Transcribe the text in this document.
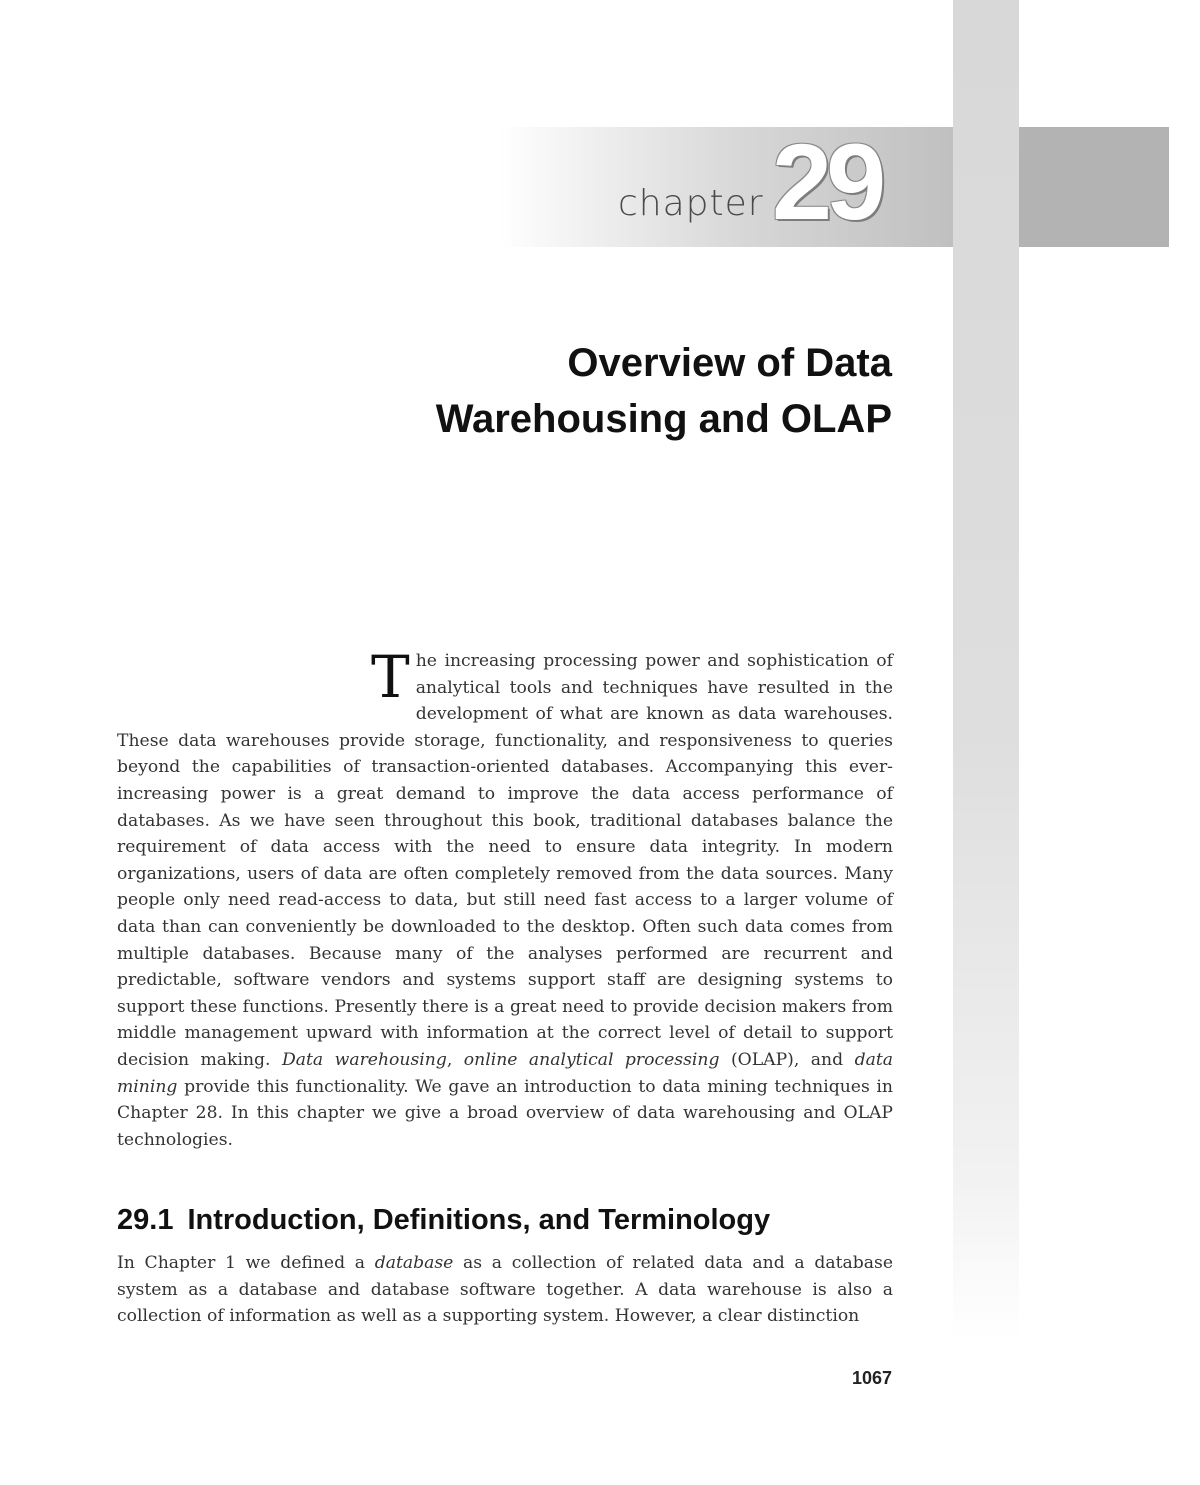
chapter 29
Overview of Data
Warehousing and OLAP
T he increasing processing power and sophistication of analytical tools and techniques have resulted in the development of what are known as data warehouses. These data warehouses provide storage, functionality, and responsiveness to queries beyond the capabilities of transaction-oriented databases. Accompanying this ever-increasing power is a great demand to improve the data access performance of databases. As we have seen throughout this book, traditional databases balance the requirement of data access with the need to ensure data integrity. In modern organizations, users of data are often completely removed from the data sources. Many people only need read-access to data, but still need fast access to a larger volume of data than can conveniently be downloaded to the desktop. Often such data comes from multiple databases. Because many of the analyses performed are recurrent and predictable, software vendors and systems support staff are designing systems to support these functions. Presently there is a great need to provide decision makers from middle management upward with information at the correct level of detail to support decision making. Data warehousing, online analytical processing (OLAP), and data mining provide this functionality. We gave an introduction to data mining techniques in Chapter 28. In this chapter we give a broad overview of data warehousing and OLAP technologies.

29.1 Introduction, Definitions, and Terminology

In Chapter 1 we defined a database as a collection of related data and a database system as a database and database software together. A data warehouse is also a collection of information as well as a supporting system. However, a clear distinction

1067
